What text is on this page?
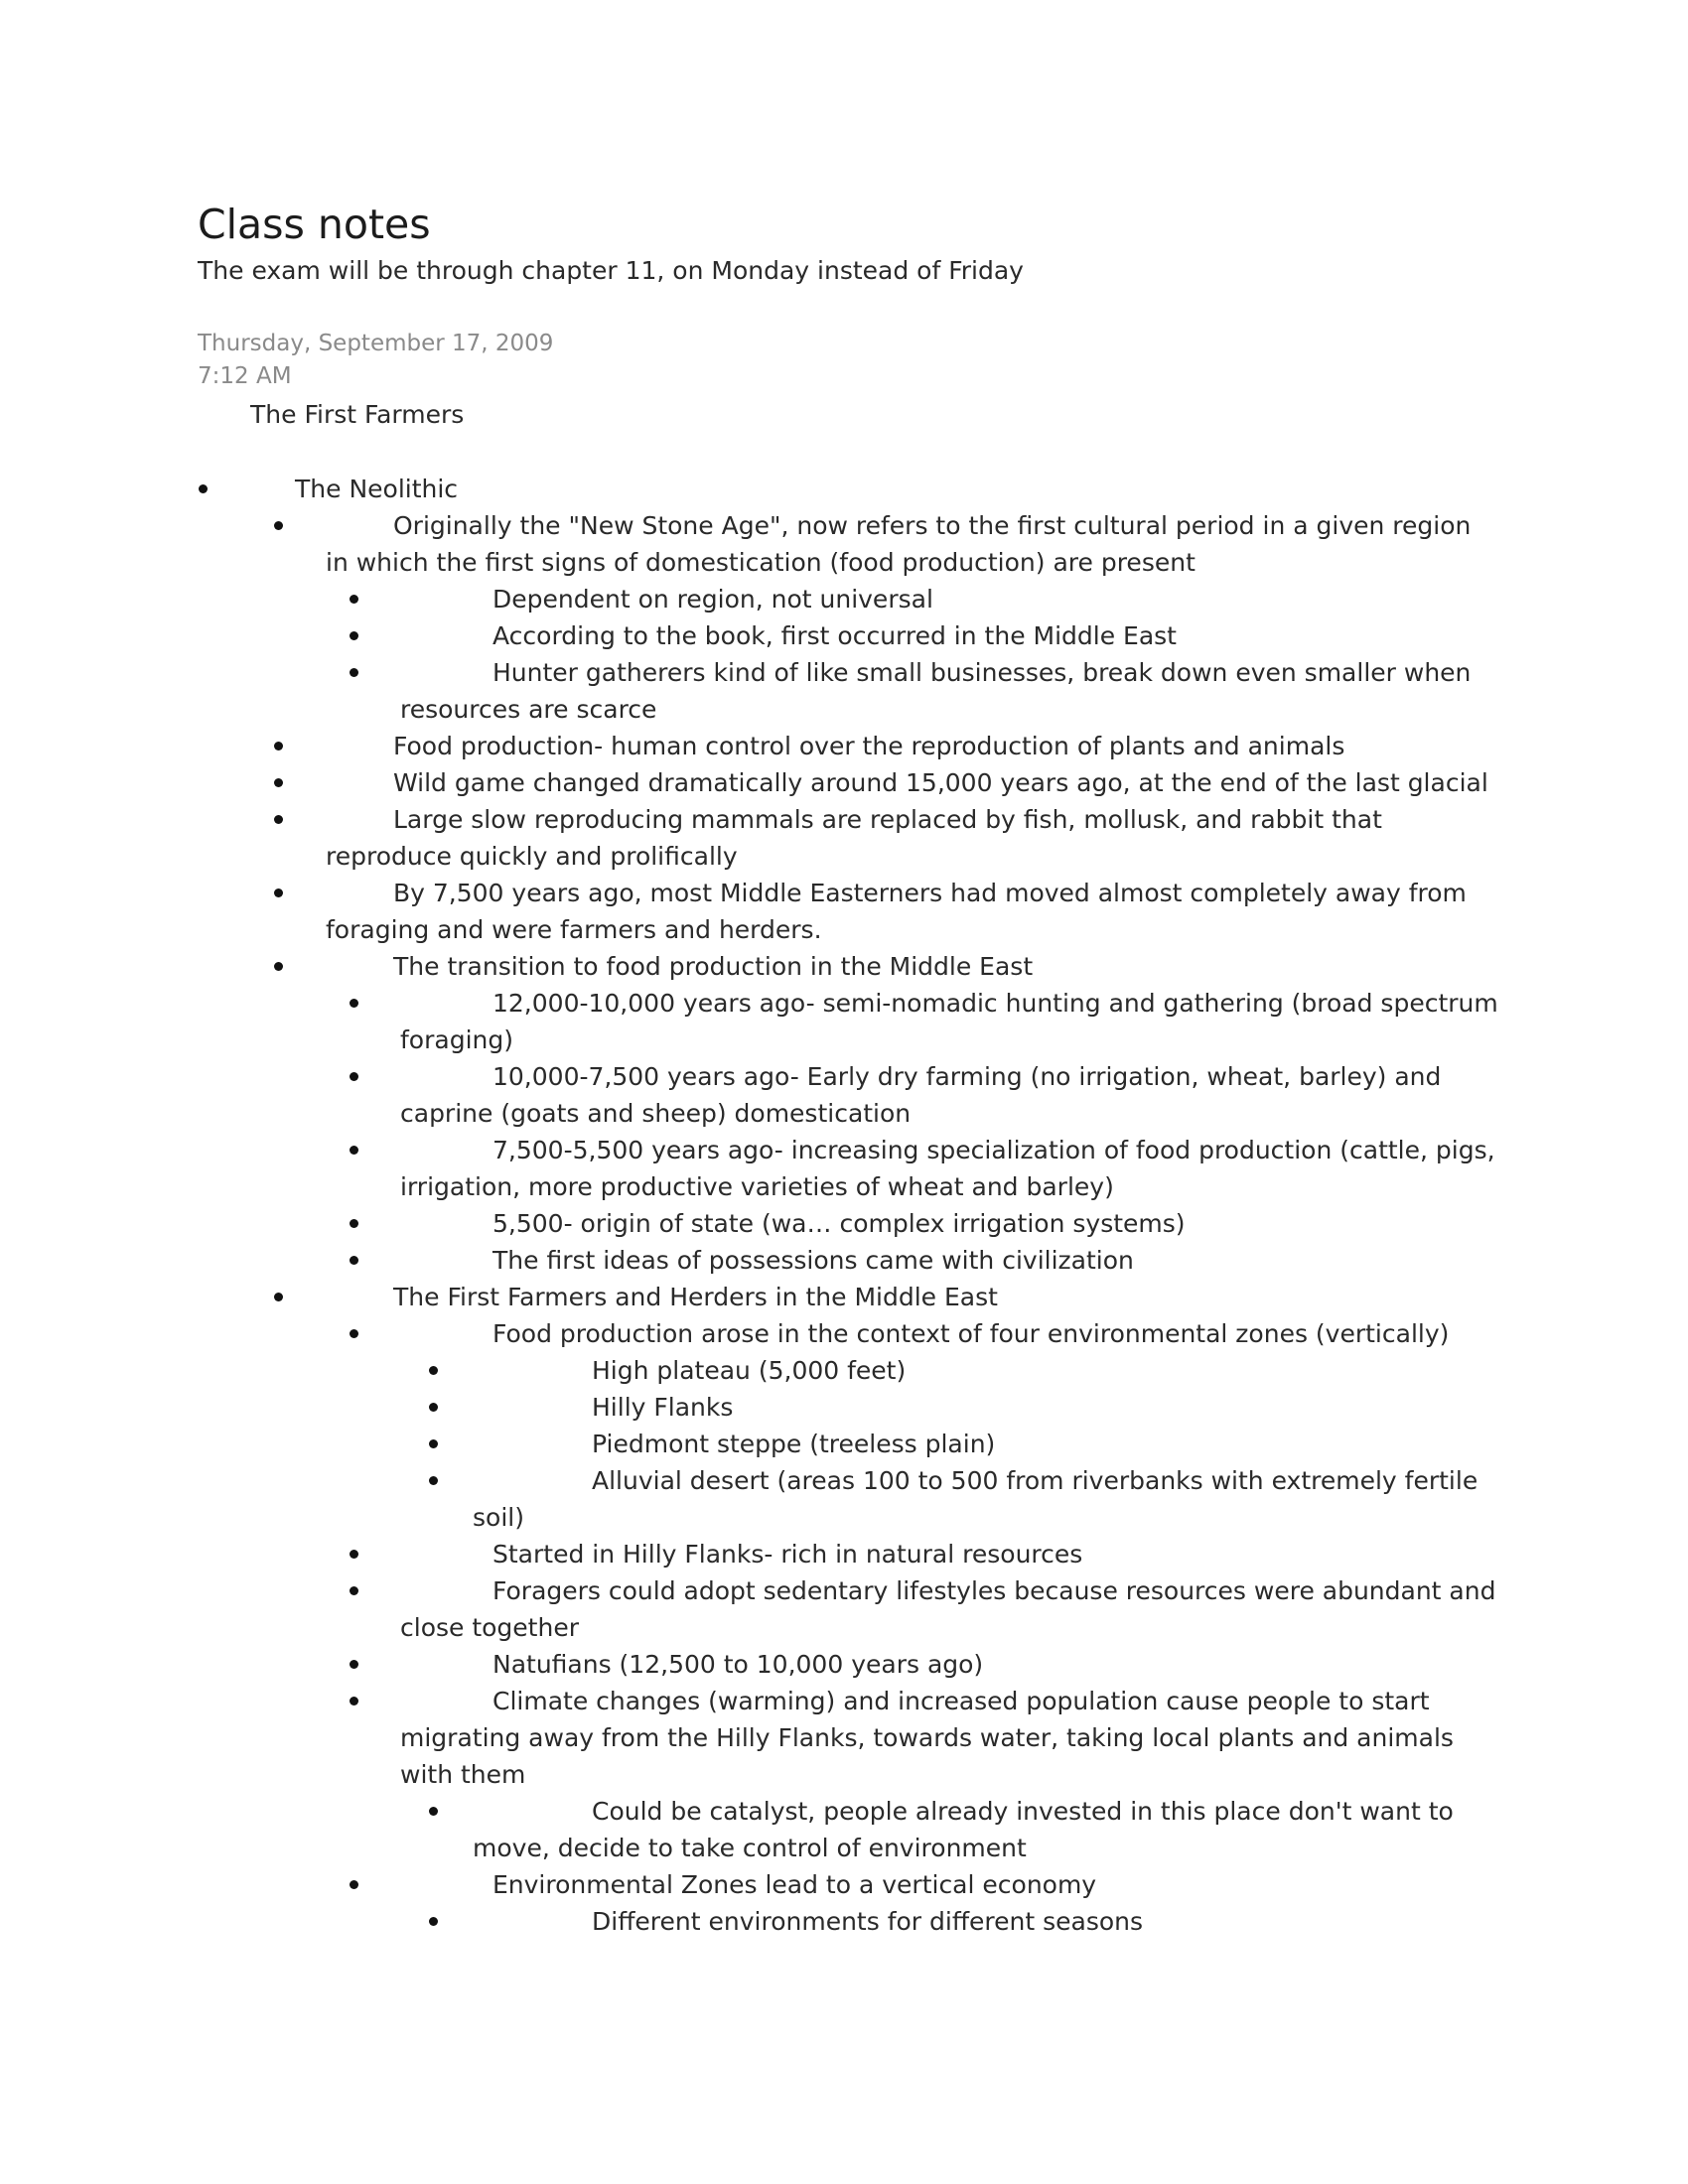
Class notes
The exam will be through chapter 11, on Monday instead of Friday
Thursday, September 17, 2009
7:12 AM
The First Farmers
The Neolithic
Originally the "New Stone Age", now refers to the first cultural period in a given region
in which the first signs of domestication (food production) are present
Dependent on region, not universal
According to the book, first occurred in the Middle East
Hunter gatherers kind of like small businesses, break down even smaller when
resources are scarce
Food production- human control over the reproduction of plants and animals
Wild game changed dramatically around 15,000 years ago, at the end of the last glacial
Large slow reproducing mammals are replaced by fish, mollusk, and rabbit that
reproduce quickly and prolifically
By 7,500 years ago, most Middle Easterners had moved almost completely away from
foraging and were farmers and herders.
The transition to food production in the Middle East
12,000-10,000 years ago- semi-nomadic hunting and gathering (broad spectrum
foraging)
10,000-7,500 years ago- Early dry farming (no irrigation, wheat, barley) and
caprine (goats and sheep) domestication
7,500-5,500 years ago- increasing specialization of food production (cattle, pigs,
irrigation, more productive varieties of wheat and barley)
5,500- origin of state (wa… complex irrigation systems)
The first ideas of possessions came with civilization
The First Farmers and Herders in the Middle East
Food production arose in the context of four environmental zones (vertically)
High plateau (5,000 feet)
Hilly Flanks
Piedmont steppe (treeless plain)
Alluvial desert (areas 100 to 500 from riverbanks with extremely fertile
soil)
Started in Hilly Flanks- rich in natural resources
Foragers could adopt sedentary lifestyles because resources were abundant and
close together
Natufians (12,500 to 10,000 years ago)
Climate changes (warming) and increased population cause people to start
migrating away from the Hilly Flanks, towards water, taking local plants and animals
with them
Could be catalyst, people already invested in this place don't want to
move, decide to take control of environment
Environmental Zones lead to a vertical economy
Different environments for different seasons
